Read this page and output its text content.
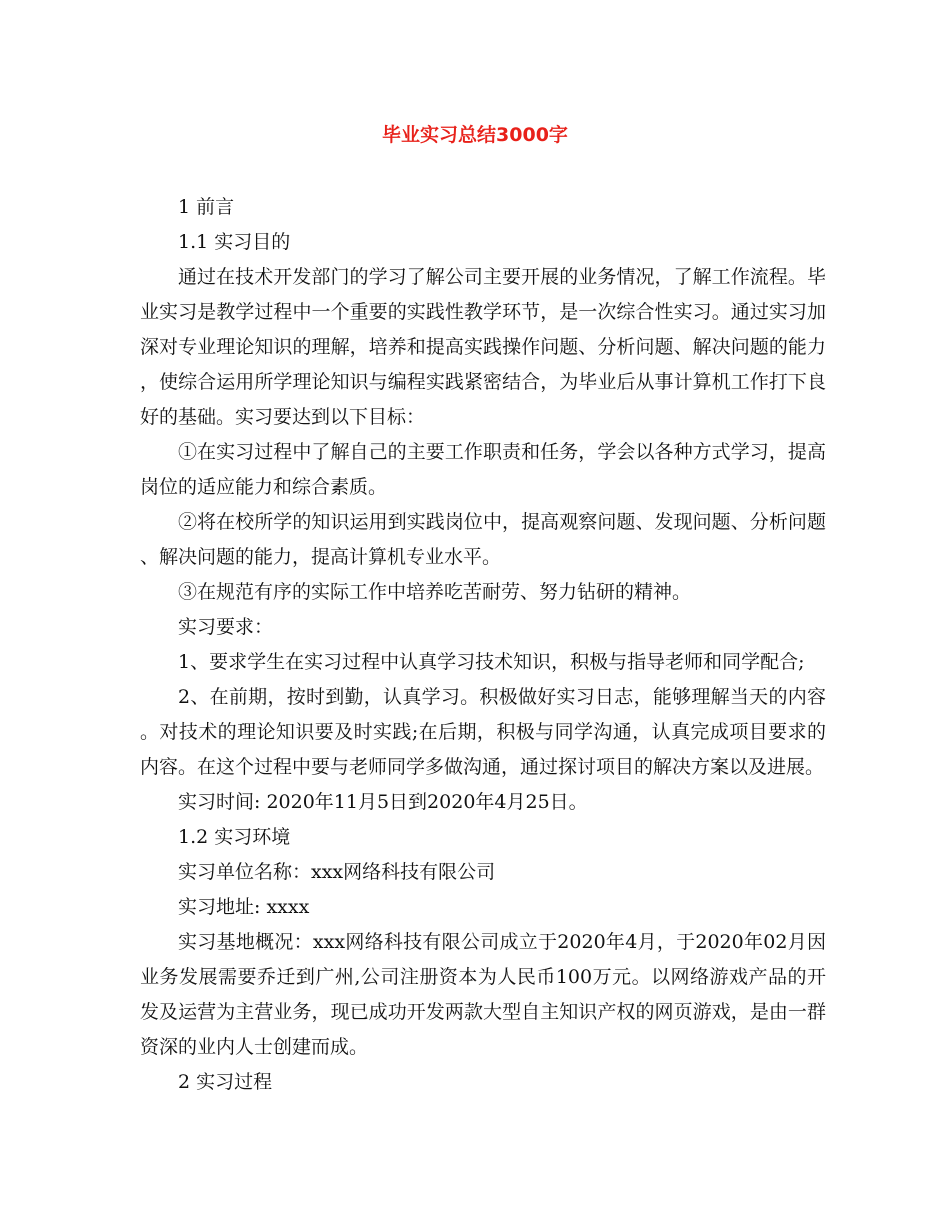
毕业实习总结3000字

1 前言

1.1 实习目的

通过在技术开发部门的学习了解公司主要开展的业务情况，了解工作流程。毕业实习是教学过程中一个重要的实践性教学环节，是一次综合性实习。通过实习加深对专业理论知识的理解，培养和提高实践操作问题、分析问题、解决问题的能力，使综合运用所学理论知识与编程实践紧密结合，为毕业后从事计算机工作打下良好的基础。实习要达到以下目标：

①在实习过程中了解自己的主要工作职责和任务，学会以各种方式学习，提高岗位的适应能力和综合素质。

②将在校所学的知识运用到实践岗位中，提高观察问题、发现问题、分析问题、解决问题的能力，提高计算机专业水平。

③在规范有序的实际工作中培养吃苦耐劳、努力钻研的精神。

实习要求：

1、要求学生在实习过程中认真学习技术知识，积极与指导老师和同学配合;

2、在前期，按时到勤，认真学习。积极做好实习日志，能够理解当天的内容。对技术的理论知识要及时实践;在后期，积极与同学沟通，认真完成项目要求的内容。在这个过程中要与老师同学多做沟通，通过探讨项目的解决方案以及进展。

实习时间: 2020年11月5日到2020年4月25日。

1.2 实习环境

实习单位名称：xxx网络科技有限公司

实习地址: xxxx

实习基地概况：xxx网络科技有限公司成立于2020年4月，于2020年02月因业务发展需要乔迁到广州,公司注册资本为人民币100万元。以网络游戏产品的开发及运营为主营业务，现已成功开发两款大型自主知识产权的网页游戏，是由一群资深的业内人士创建而成。

2 实习过程
